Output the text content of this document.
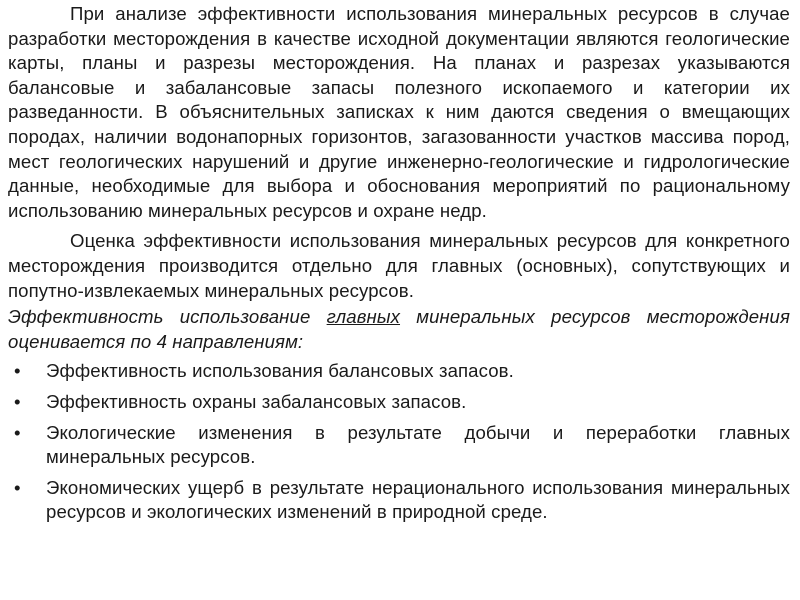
При анализе эффективности использования минеральных ресурсов в случае разработки месторождения в качестве исходной документации являются геологические карты, планы и разрезы месторождения. На планах и разрезах указываются балансовые и забалансовые запасы полезного ископаемого и категории их разведанности. В объяснительных записках к ним даются сведения о вмещающих породах, наличии водонапорных горизонтов, загазованности участков массива пород, мест геологических нарушений и другие инженерно-геологические и гидрологические данные, необходимые для выбора и обоснования мероприятий по рациональному использованию минеральных ресурсов и охране недр.

Оценка эффективности использования минеральных ресурсов для конкретного месторождения производится отдельно для главных (основных), сопутствующих и попутно-извлекаемых минеральных ресурсов.

Эффективность использование главных минеральных ресурсов месторождения оценивается по 4 направлениям:

• Эффективность использования балансовых запасов.
• Эффективность охраны забалансовых запасов.
• Экологические изменения в результате добычи и переработки главных минеральных ресурсов.
• Экономических ущерб в результате нерационального использования минеральных ресурсов и экологических изменений в природной среде.
